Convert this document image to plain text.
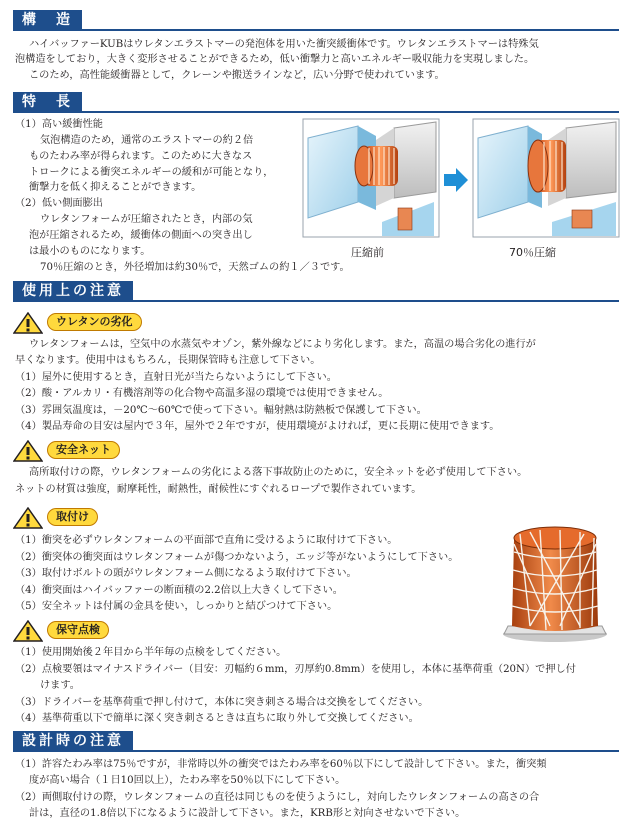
構　造
ハイバッファーKUBはウレタンエラストマーの発泡体を用いた衝突緩衝体です。ウレタンエラストマーは特殊気
泡構造をしており，大きく変形させることができるため，低い衝撃力と高いエネルギー吸収能力を実現しました。
このため，高性能緩衝器として，クレーンや搬送ラインなど，広い分野で使われています。
特　長
（1）高い緩衝性能
気泡構造のため，通常のエラストマーの約２倍
ものたわみ率が得られます。このために大きなス
トロークによる衝突エネルギーの緩和が可能となり，
衝撃力を低く抑えることができます。
（2）低い側面膨出
ウレタンフォームが圧縮されたとき，内部の気
泡が圧縮されるため，緩衝体の側面への突き出し
は最小のものになります。
70％圧縮のとき，外径増加は約30％で，天然ゴムの約１／３です。
圧縮前	70％圧縮
使用上の注意
ウレタンの劣化
ウレタンフォームは，空気中の水蒸気やオゾン，紫外線などにより劣化します。また，高温の場合劣化の進行が
早くなります。使用中はもちろん，長期保管時も注意して下さい。
（1）屋外に使用するとき，直射日光が当たらないようにして下さい。
（2）酸・アルカリ・有機溶剤等の化合物や高温多湿の環境では使用できません。
（3）雰囲気温度は，－20℃～60℃で使って下さい。輻射熱は防熱板で保護して下さい。
（4）製品寿命の目安は屋内で３年，屋外で２年ですが，使用環境がよければ，更に長期に使用できます。
安全ネット
高所取付けの際，ウレタンフォームの劣化による落下事故防止のために，安全ネットを必ず使用して下さい。
ネットの材質は強度，耐摩耗性，耐熱性，耐候性にすぐれるロープで製作されています。
取付け
（1）衝突を必ずウレタンフォームの平面部で直角に受けるように取付けて下さい。
（2）衝突体の衝突面はウレタンフォームが傷つかないよう，エッジ等がないようにして下さい。
（3）取付けボルトの頭がウレタンフォーム側になるよう取付けて下さい。
（4）衝突面はハイバッファーの断面積の2.2倍以上大きくして下さい。
（5）安全ネットは付属の金具を使い，しっかりと結びつけて下さい。
保守点検
（1）使用開始後２年目から半年毎の点検をしてください。
（2）点検要領はマイナスドライバー（目安：刃幅約６mm，刃厚約0.8mm）を使用し，本体に基準荷重（20N）で押し付
けます。
（3）ドライバーを基準荷重で押し付けて，本体に突き刺さる場合は交換をしてください。
（4）基準荷重以下で簡単に深く突き刺さるときは直ちに取り外して交換してください。
設計時の注意
（1）許容たわみ率は75％ですが，非常時以外の衝突ではたわみ率を60％以下にして設計して下さい。また，衝突頻
度が高い場合（１日10回以上），たわみ率を50％以下にして下さい。
（2）両側取付けの際，ウレタンフォームの直径は同じものを使うようにし，対向したウレタンフォームの高さの合
計は，直径の1.8倍以下になるように設計して下さい。また，KRB形と対向させないで下さい。
